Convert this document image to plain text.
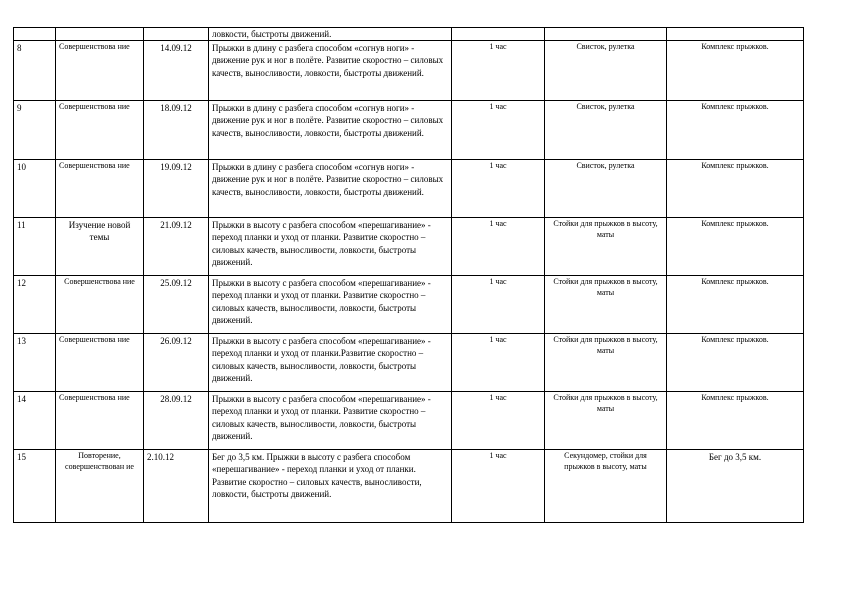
			ловкости, быстроты движений.			
8	Совершенствова ние	14.09.12	Прыжки в длину с разбега способом «согнув ноги» - движение рук и ног в полёте. Развитие скоростно – силовых качеств, выносливости, ловкости, быстроты движений.	1 час	Свисток, рулетка	Комплекс прыжков.
9	Совершенствова ние	18.09.12	Прыжки в длину с разбега способом «согнув ноги» - движение рук и ног в полёте. Развитие скоростно – силовых качеств, выносливости, ловкости, быстроты движений.	1 час	Свисток, рулетка	Комплекс прыжков.
10	Совершенствова ние	19.09.12	Прыжки в длину с разбега способом «согнув ноги» - движение рук и ног в полёте. Развитие скоростно – силовых качеств, выносливости, ловкости, быстроты движений.	1 час	Свисток, рулетка	Комплекс прыжков.
11	Изучение новой темы	21.09.12	Прыжки в высоту с разбега способом «перешагивание» - переход планки и уход от планки. Развитие скоростно – силовых качеств, выносливости, ловкости, быстроты движений.	1 час	Стойки для прыжков в высоту, маты	Комплекс прыжков.
12	Совершенствова ние	25.09.12	Прыжки в высоту с разбега способом «перешагивание» - переход планки и уход от планки. Развитие скоростно – силовых качеств, выносливости, ловкости, быстроты движений.	1 час	Стойки для прыжков в высоту, маты	Комплекс прыжков.
13	Совершенствова ние	26.09.12	Прыжки в высоту с разбега способом «перешагивание» - переход планки и уход от планки.Развитие скоростно – силовых качеств, выносливости, ловкости, быстроты движений.	1 час	Стойки для прыжков в высоту, маты	Комплекс прыжков.
14	Совершенствова ние	28.09.12	Прыжки в высоту с разбега способом «перешагивание» - переход планки и уход от планки. Развитие скоростно – силовых качеств, выносливости, ловкости, быстроты движений.	1 час	Стойки для прыжков в высоту, маты	Комплекс прыжков.
15	Повторение, совершенствован ие	2.10.12	Бег до 3,5 км. Прыжки в высоту с разбега способом «перешагивание» - переход планки и уход от планки. Развитие скоростно – силовых качеств, выносливости, ловкости, быстроты движений.	1 час	Секундомер, стойки для прыжков в высоту, маты	Бег до 3,5 км.
